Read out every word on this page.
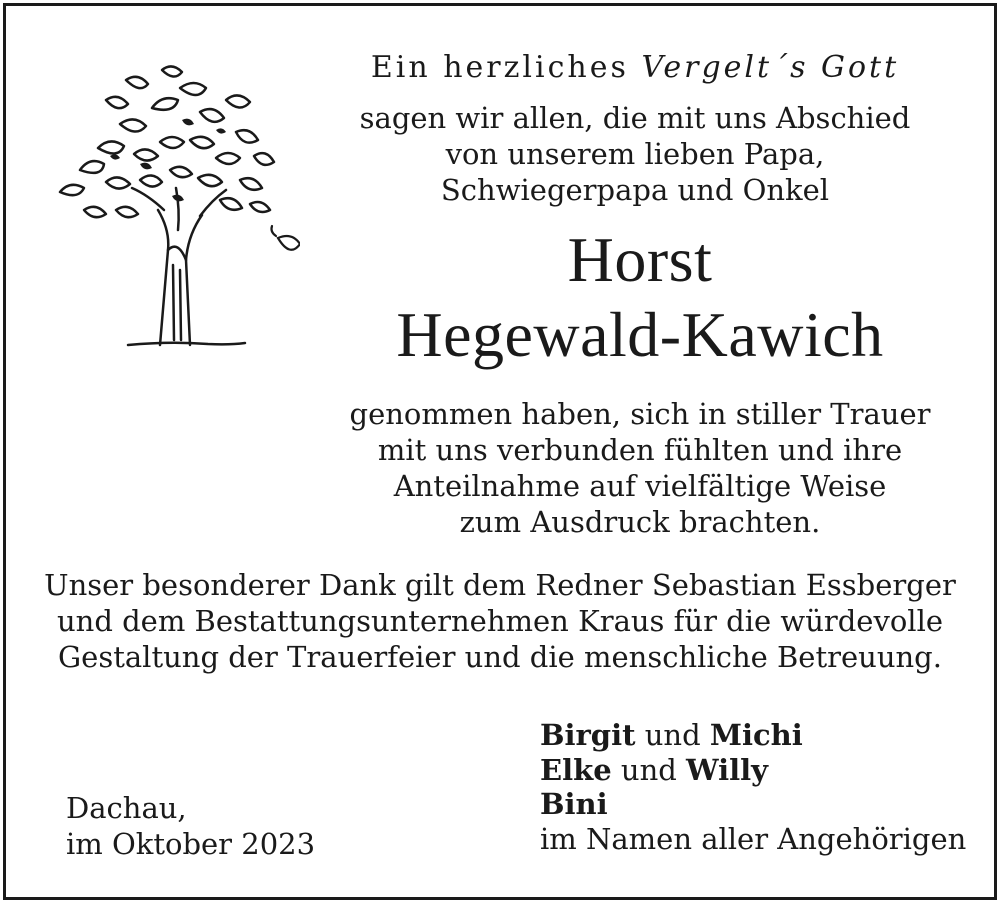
Ein herzliches Vergelt´s Gott
sagen wir allen, die mit uns Abschied
von unserem lieben Papa,
Schwiegerpapa und Onkel
Horst
Hegewald-Kawich
genommen haben, sich in stiller Trauer
mit uns verbunden fühlten und ihre
Anteilnahme auf vielfältige Weise
zum Ausdruck brachten.
Unser besonderer Dank gilt dem Redner Sebastian Essberger
und dem Bestattungsunternehmen Kraus für die würdevolle
Gestaltung der Trauerfeier und die menschliche Betreuung.
Dachau,
im Oktober 2023
Birgit und Michi
Elke und Willy
Bini
im Namen aller Angehörigen
